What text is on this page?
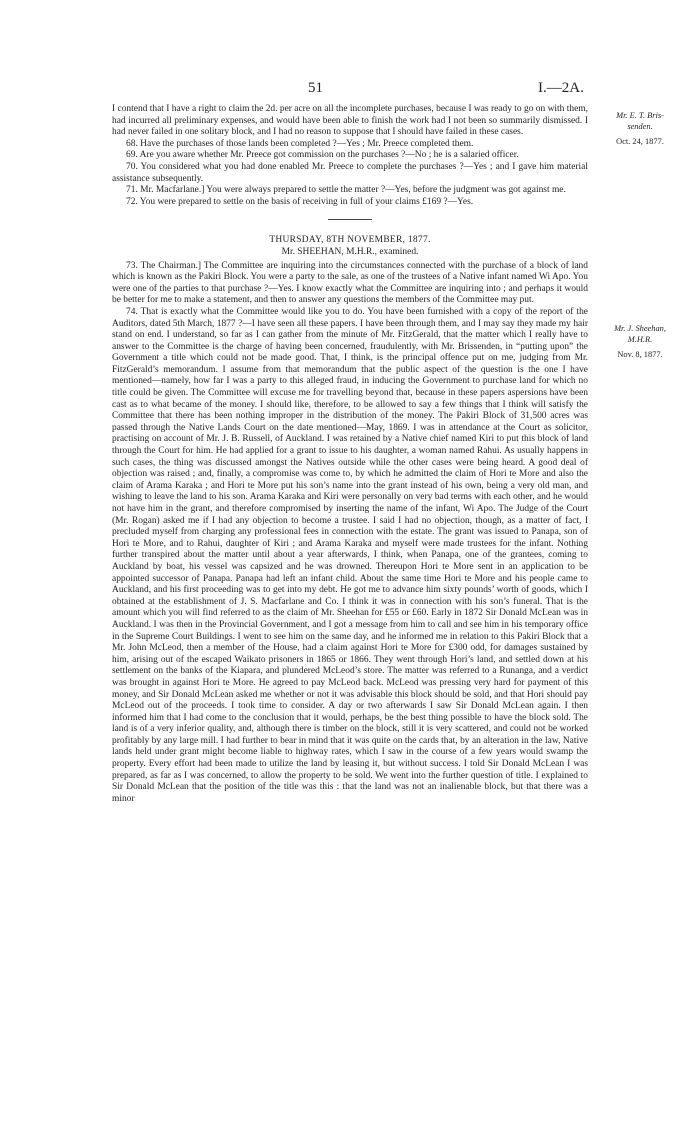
51	I.—2A.
Mr. E. T. Bris-
senden.
Oct. 24, 1877.
Mr. J. Sheehan,
M.H.R.
Nov. 8, 1877.

I contend that I have a right to claim the 2d. per acre on all the incomplete purchases, because I was ready to go on with them, had incurred all preliminary expenses, and would have been able to finish the work had I not been so summarily dismissed. I had never failed in one solitary block, and I had no reason to suppose that I should have failed in these cases.

68. Have the purchases of those lands been completed ?—Yes ; Mr. Preece completed them.

69. Are you aware whether Mr. Preece got commission on the purchases ?—No ; he is a salaried officer.

70. You considered what you had done enabled Mr. Preece to complete the purchases ?—Yes ; and I gave him material assistance subsequently.

71. Mr. Macfarlane.] You were always prepared to settle the matter ?—Yes, before the judgment was got against me.

72. You were prepared to settle on the basis of receiving in full of your claims £169 ?—Yes.

THURSDAY, 8TH NOVEMBER, 1877.

Mr. SHEEHAN, M.H.R., examined.

73. The Chairman.] The Committee are inquiring into the circumstances connected with the purchase of a block of land which is known as the Pakiri Block. You were a party to the sale, as one of the trustees of a Native infant named Wi Apo. You were one of the parties to that purchase ?—Yes. I know exactly what the Committee are inquiring into ; and perhaps it would be better for me to make a statement, and then to answer any questions the members of the Committee may put.

74. That is exactly what the Committee would like you to do. You have been furnished with a copy of the report of the Auditors, dated 5th March, 1877 ?—I have seen all these papers. I have been through them, and I may say they made my hair stand on end. I understand, so far as I can gather from the minute of Mr. FitzGerald, that the matter which I really have to answer to the Committee is the charge of having been concerned, fraudulently, with Mr. Brissenden, in “putting upon” the Government a title which could not be made good. That, I think, is the principal offence put on me, judging from Mr. FitzGerald’s memorandum. I assume from that memorandum that the public aspect of the question is the one I have mentioned—namely, how far I was a party to this alleged fraud, in inducing the Government to purchase land for which no title could be given. The Committee will excuse me for travelling beyond that, because in these papers aspersions have been cast as to what became of the money. I should like, therefore, to be allowed to say a few things that I think will satisfy the Committee that there has been nothing improper in the distribution of the money. The Pakiri Block of 31,500 acres was passed through the Native Lands Court on the date mentioned—May, 1869. I was in attendance at the Court as solicitor, practising on account of Mr. J. B. Russell, of Auckland. I was retained by a Native chief named Kiri to put this block of land through the Court for him. He had applied for a grant to issue to his daughter, a woman named Rahui. As usually happens in such cases, the thing was discussed amongst the Natives outside while the other cases were being heard. A good deal of objection was raised ; and, finally, a compromise was come to, by which he admitted the claim of Hori te More and also the claim of Arama Karaka ; and Hori te More put his son’s name into the grant instead of his own, being a very old man, and wishing to leave the land to his son. Arama Karaka and Kiri were personally on very bad terms with each other, and he would not have him in the grant, and therefore compromised by inserting the name of the infant, Wi Apo. The Judge of the Court (Mr. Rogan) asked me if I had any objection to become a trustee. I said I had no objection, though, as a matter of fact, I precluded myself from charging any professional fees in connection with the estate. The grant was issued to Panapa, son of Hori te More, and to Rahui, daughter of Kiri ; and Arama Karaka and myself were made trustees for the infant. Nothing further transpired about the matter until about a year afterwards, I think, when Panapa, one of the grantees, coming to Auckland by boat, his vessel was capsized and he was drowned. Thereupon Hori te More sent in an application to be appointed successor of Panapa. Panapa had left an infant child. About the same time Hori te More and his people came to Auckland, and his first proceeding was to get into my debt. He got me to advance him sixty pounds’ worth of goods, which I obtained at the establishment of J. S. Macfarlane and Co. I think it was in connection with his son’s funeral. That is the amount which you will find referred to as the claim of Mr. Sheehan for £55 or £60. Early in 1872 Sir Donald McLean was in Auckland. I was then in the Provincial Government, and I got a message from him to call and see him in his temporary office in the Supreme Court Buildings. I went to see him on the same day, and he informed me in relation to this Pakiri Block that a Mr. John McLeod, then a member of the House, had a claim against Hori te More for £300 odd, for damages sustained by him, arising out of the escaped Waikato prisoners in 1865 or 1866. They went through Hori’s land, and settled down at his settlement on the banks of the Kiapara, and plundered McLeod’s store. The matter was referred to a Runanga, and a verdict was brought in against Hori te More. He agreed to pay McLeod back. McLeod was pressing very hard for payment of this money, and Sir Donald McLean asked me whether or not it was advisable this block should be sold, and that Hori should pay McLeod out of the proceeds. I took time to consider. A day or two afterwards I saw Sir Donald McLean again. I then informed him that I had come to the conclusion that it would, perhaps, be the best thing possible to have the block sold. The land is of a very inferior quality, and, although there is timber on the block, still it is very scattered, and could not be worked profitably by any large mill. I had further to bear in mind that it was quite on the cards that, by an alteration in the law, Native lands held under grant might become liable to highway rates, which I saw in the course of a few years would swamp the property. Every effort had been made to utilize the land by leasing it, but without success. I told Sir Donald McLean I was prepared, as far as I was concerned, to allow the property to be sold. We went into the further question of title. I explained to Sir Donald McLean that the position of the title was this : that the land was not an inalienable block, but that there was a minor
